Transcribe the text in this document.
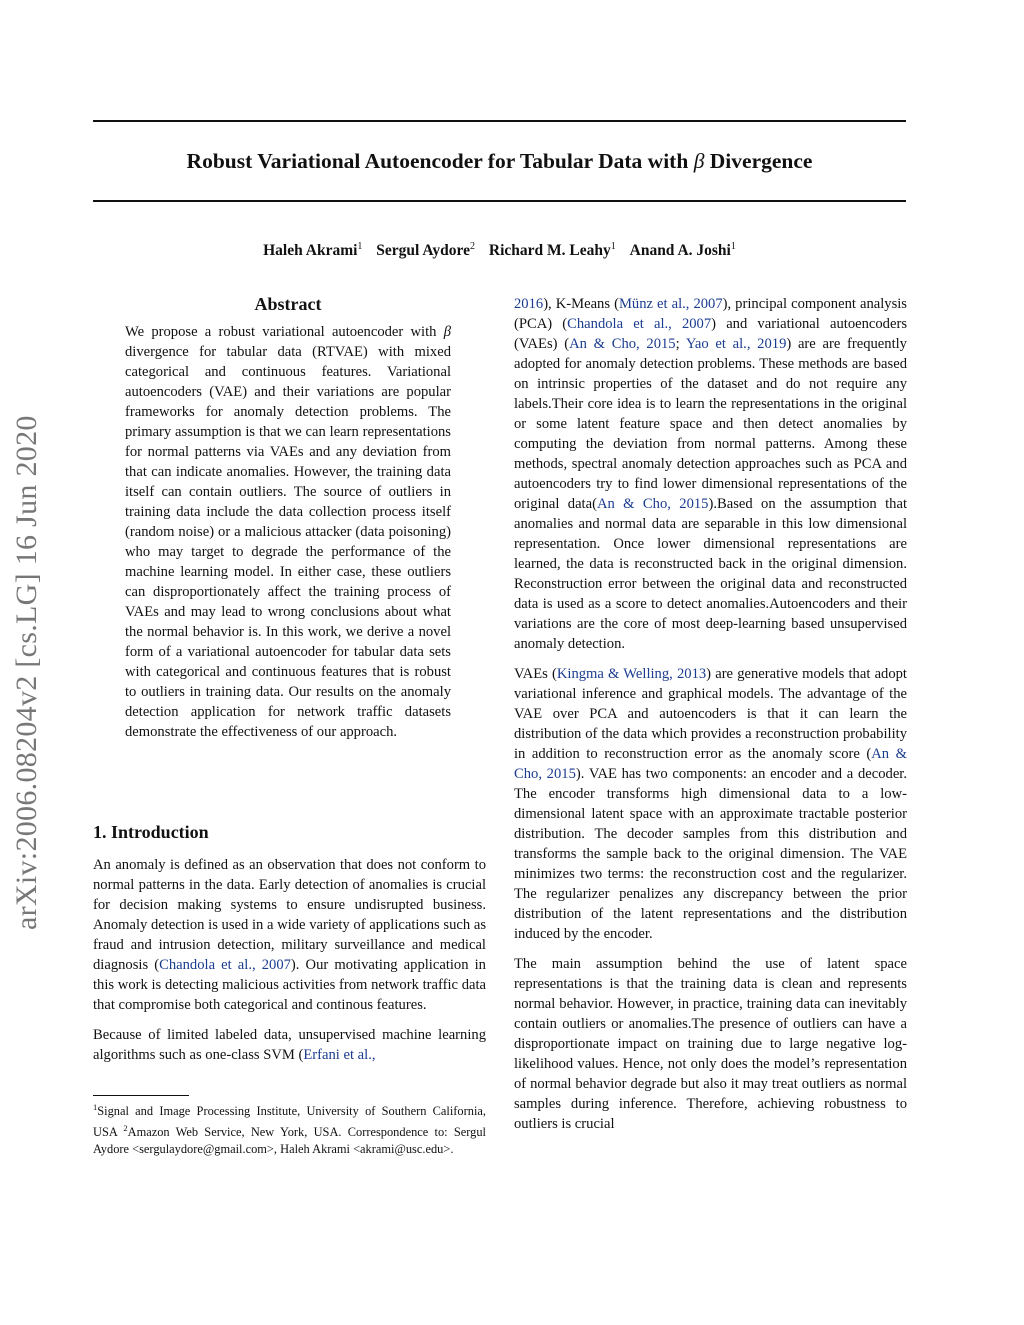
arXiv:2006.08204v2 [cs.LG] 16 Jun 2020
Robust Variational Autoencoder for Tabular Data with β Divergence
Haleh Akrami$^1$ Sergul Aydore$^2$ Richard M. Leahy$^1$ Anand A. Joshi$^1$
Abstract

We propose a robust variational autoencoder with β divergence for tabular data (RTVAE) with mixed categorical and continuous features. Variational autoencoders (VAE) and their variations are popular frameworks for anomaly detection problems. The primary assumption is that we can learn representations for normal patterns via VAEs and any deviation from that can indicate anomalies. However, the training data itself can contain outliers. The source of outliers in training data include the data collection process itself (random noise) or a malicious attacker (data poisoning) who may target to degrade the performance of the machine learning model. In either case, these outliers can disproportionately affect the training process of VAEs and may lead to wrong conclusions about what the normal behavior is. In this work, we derive a novel form of a variational autoencoder for tabular data sets with categorical and continuous features that is robust to outliers in training data. Our results on the anomaly detection application for network traffic datasets demonstrate the effectiveness of our approach.

1. Introduction

An anomaly is defined as an observation that does not conform to normal patterns in the data. Early detection of anomalies is crucial for decision making systems to ensure undisrupted business. Anomaly detection is used in a wide variety of applications such as fraud and intrusion detection, military surveillance and medical diagnosis (Chandola et al., 2007). Our motivating application in this work is detecting malicious activities from network traffic data that compromise both categorical and continous features.

Because of limited labeled data, unsupervised machine learning algorithms such as one-class SVM (Erfani et al.,

$^1$Signal and Image Processing Institute, University of Southern California, USA $^2$Amazon Web Service, New York, USA. Correspondence to: Sergul Aydore <sergulaydore@gmail.com>, Haleh Akrami <akrami@usc.edu>.

2016), K-Means (Münz et al., 2007), principal component analysis (PCA) (Chandola et al., 2007) and variational autoencoders (VAEs) (An & Cho, 2015; Yao et al., 2019) are are frequently adopted for anomaly detection problems. These methods are based on intrinsic properties of the dataset and do not require any labels.Their core idea is to learn the representations in the original or some latent feature space and then detect anomalies by computing the deviation from normal patterns. Among these methods, spectral anomaly detection approaches such as PCA and autoencoders try to find lower dimensional representations of the original data(An & Cho, 2015).Based on the assumption that anomalies and normal data are separable in this low dimensional representation. Once lower dimensional representations are learned, the data is reconstructed back in the original dimension. Reconstruction error between the original data and reconstructed data is used as a score to detect anomalies.Autoencoders and their variations are the core of most deep-learning based unsupervised anomaly detection.

VAEs (Kingma & Welling, 2013) are generative models that adopt variational inference and graphical models. The advantage of the VAE over PCA and autoencoders is that it can learn the distribution of the data which provides a reconstruction probability in addition to reconstruction error as the anomaly score (An & Cho, 2015). VAE has two components: an encoder and a decoder. The encoder transforms high dimensional data to a low-dimensional latent space with an approximate tractable posterior distribution. The decoder samples from this distribution and transforms the sample back to the original dimension. The VAE minimizes two terms: the reconstruction cost and the regularizer. The regularizer penalizes any discrepancy between the prior distribution of the latent representations and the distribution induced by the encoder.

The main assumption behind the use of latent space representations is that the training data is clean and represents normal behavior. However, in practice, training data can inevitably contain outliers or anomalies.The presence of outliers can have a disproportionate impact on training due to large negative log-likelihood values. Hence, not only does the model’s representation of normal behavior degrade but also it may treat outliers as normal samples during inference. Therefore, achieving robustness to outliers is crucial
